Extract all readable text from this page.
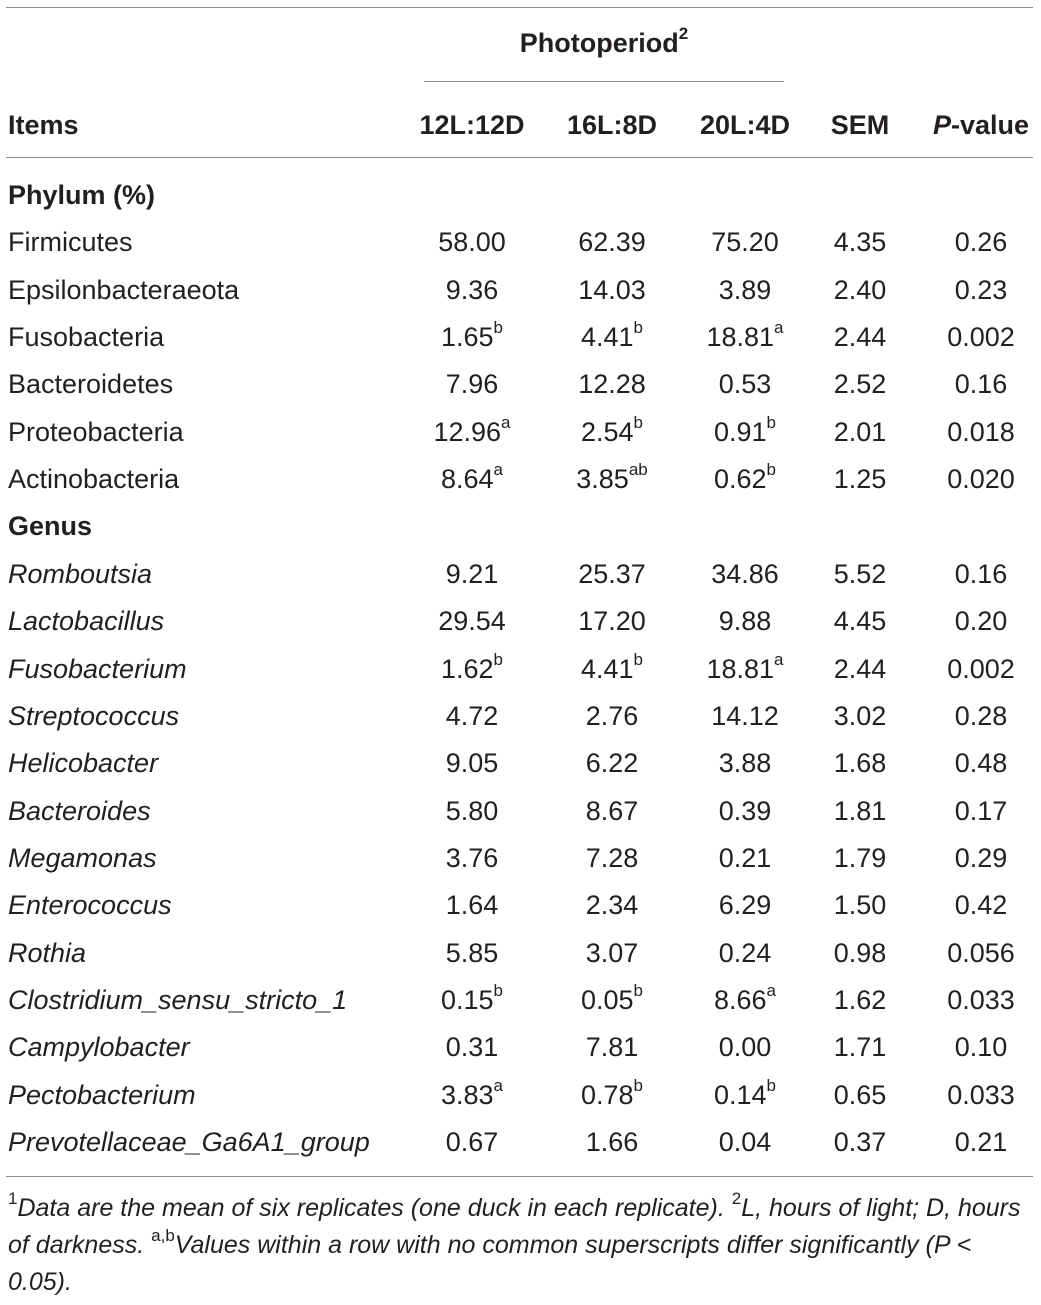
Photoperiod$^2$
Items	12L:12D 16L:8D 20L:4D SEM P-value
Phylum (%)
Firmicutes	58.00	62.39 75.20 4.35	0.26
Epsilonbacteraeota	9.36	14.03	3.89 2.40	0.23
Fusobacteria	1.65$^b$	4.41$^b$ 18.81$^a$ 2.44 0.002
Bacteroidetes	7.96	12.28	0.53 2.52	0.16
Proteobacteria	12.96$^a$	2.54$^b$	0.91$^b$ 2.01 0.018
Actinobacteria	8.64$^a$	3.85$^{ab}$ 0.62$^b$ 1.25 0.020
Genus
Romboutsia	9.21	25.37 34.86 5.52	0.16
Lactobacillus	29.54	17.20	9.88 4.45	0.20
Fusobacterium	1.62$^b$	4.41$^b$ 18.81$^a$ 2.44 0.002
Streptococcus	4.72	2.76	14.12 3.02	0.28
Helicobacter	9.05	6.22	3.88 1.68	0.48
Bacteroides	5.80	8.67	0.39 1.81	0.17
Megamonas	3.76	7.28	0.21 1.79	0.29
Enterococcus	1.64	2.34	6.29 1.50	0.42
Rothia	5.85	3.07	0.24 0.98 0.056
Clostridium_sensu_stricto_1	0.15$^b$	0.05$^b$	8.66$^a$ 1.62 0.033
Campylobacter	0.31	7.81	0.00 1.71	0.10
Pectobacterium	3.83$^a$	0.78$^b$	0.14$^b$ 0.65 0.033
Prevotellaceae_Ga6A1_group	0.67	1.66	0.04 0.37	0.21
$^1$Data are the mean of six replicates (one duck in each replicate). $^2$L, hours of light; D, hours of darkness. $^{a,b}$Values within a row with no common superscripts differ significantly (P < 0.05).
